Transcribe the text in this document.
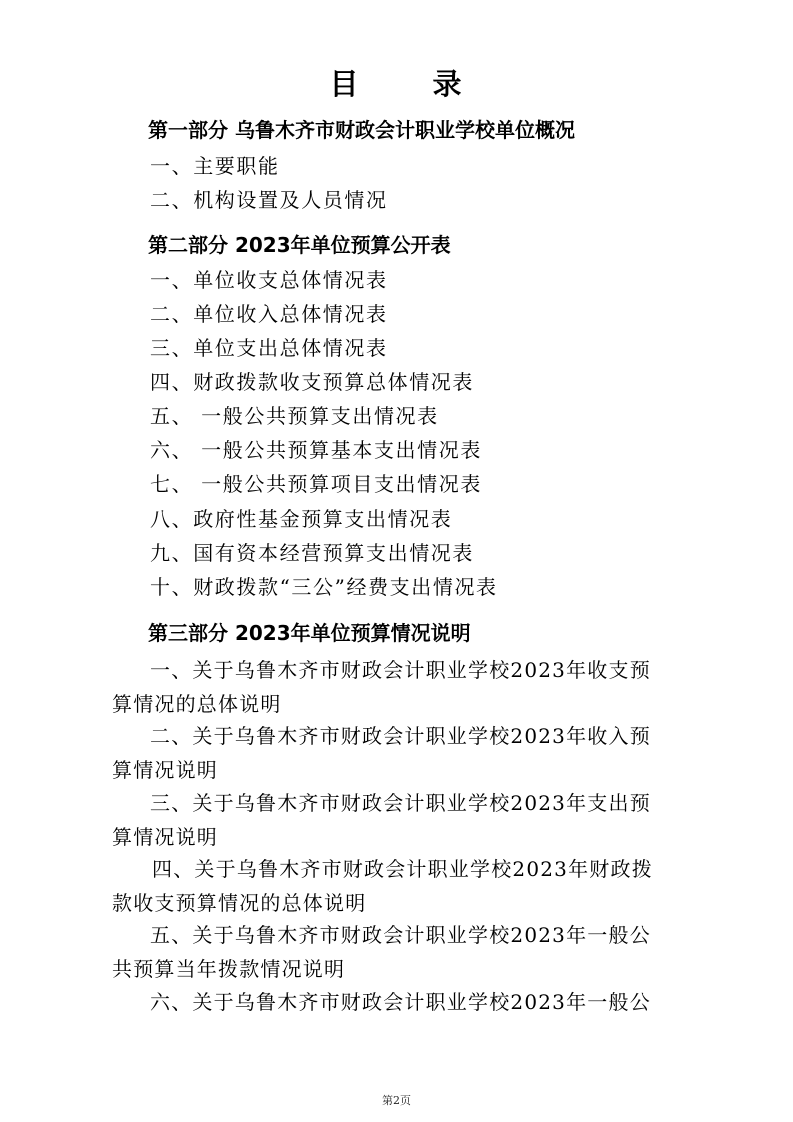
目 录

第一部分 乌鲁木齐市财政会计职业学校单位概况

一、主要职能

二、机构设置及人员情况

第二部分 2023年单位预算公开表

一、单位收支总体情况表

二、单位收入总体情况表

三、单位支出总体情况表

四、财政拨款收支预算总体情况表

五、 一般公共预算支出情况表

六、 一般公共预算基本支出情况表

七、 一般公共预算项目支出情况表

八、政府性基金预算支出情况表

九、国有资本经营预算支出情况表

十、财政拨款“三公”经费支出情况表

第三部分 2023年单位预算情况说明

一、关于乌鲁木齐市财政会计职业学校2023年收支预

算情况的总体说明

二、关于乌鲁木齐市财政会计职业学校2023年收入预

算情况说明

三、关于乌鲁木齐市财政会计职业学校2023年支出预

算情况说明

四、关于乌鲁木齐市财政会计职业学校2023年财政拨

款收支预算情况的总体说明

五、关于乌鲁木齐市财政会计职业学校2023年一般公

共预算当年拨款情况说明

六、关于乌鲁木齐市财政会计职业学校2023年一般公

第2页
